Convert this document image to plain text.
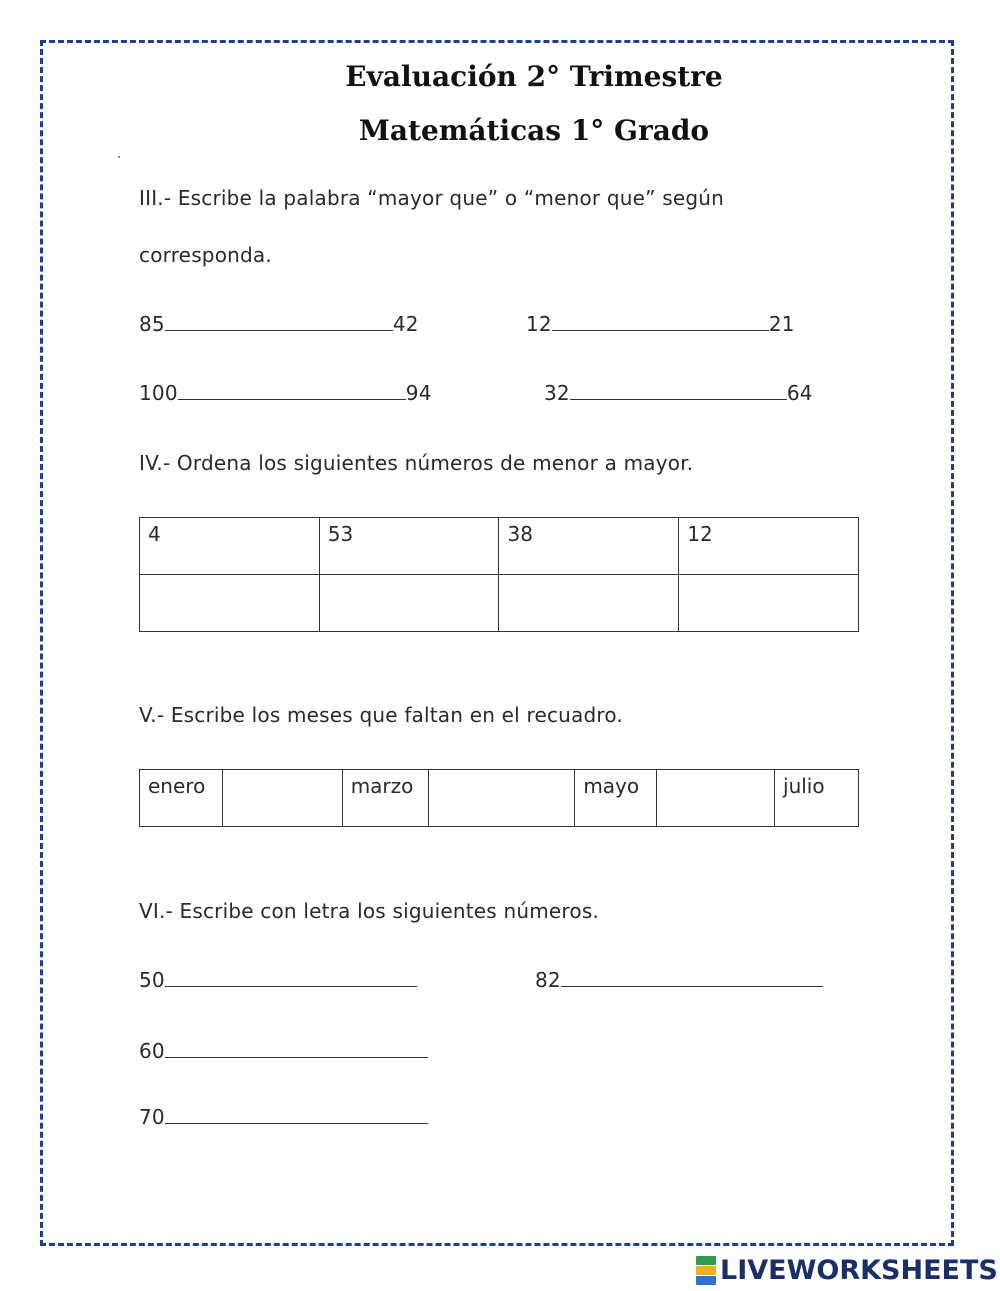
Evaluación 2° Trimestre
Matemáticas 1° Grado
III.- Escribe la palabra “mayor que” o “menor que” según
corresponda.
85	42	12	21
100	94	32	64
IV.- Ordena los siguientes números de menor a mayor.
4	53	38	12

V.- Escribe los meses que faltan en el recuadro.
enero		marzo		mayo		julio
VI.- Escribe con letra los siguientes números.
50	82
60
70
LIVEWORKSHEETS
